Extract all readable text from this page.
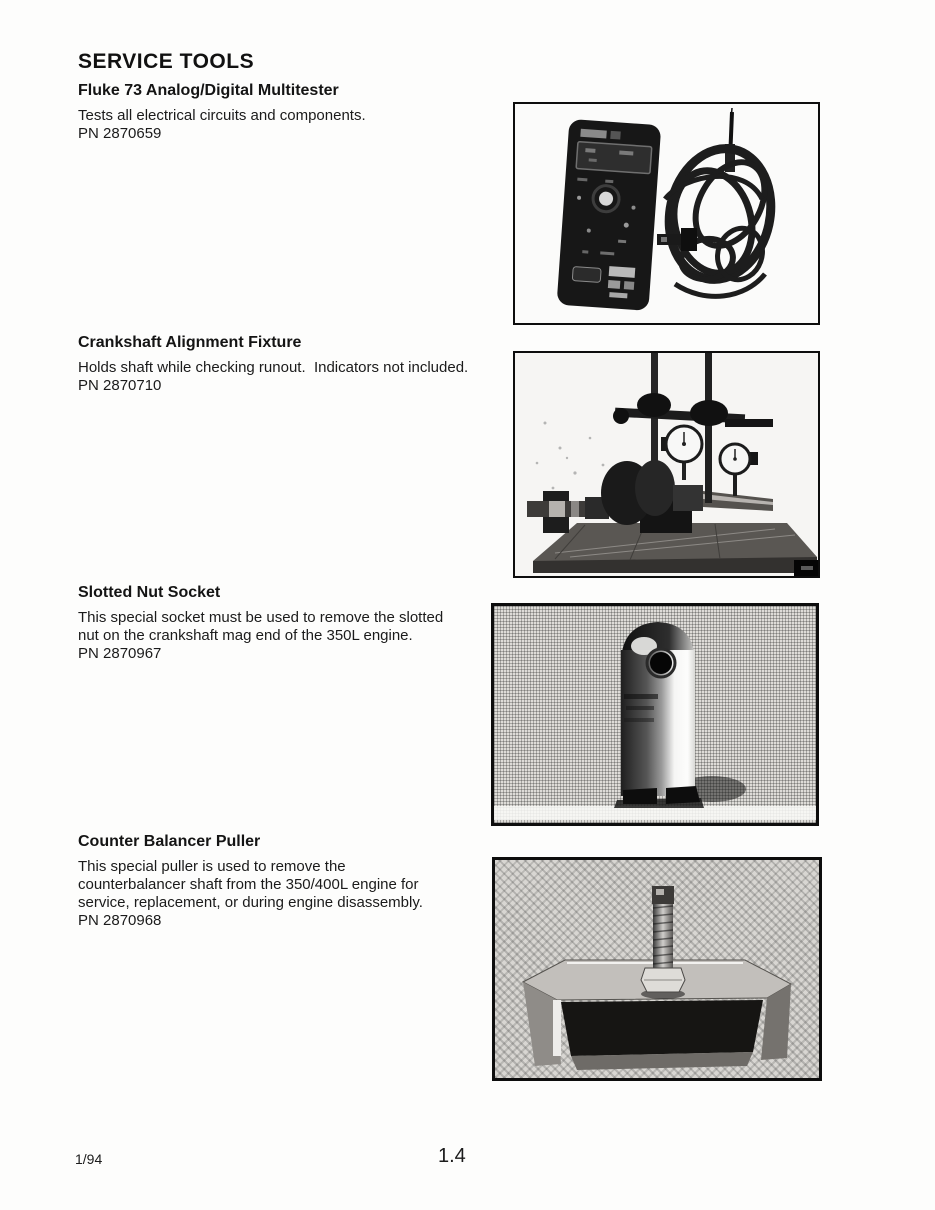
SERVICE TOOLS
Fluke 73 Analog/Digital Multitester

Tests all electrical circuits and components.

PN 2870659

Crankshaft Alignment Fixture

Holds shaft while checking runout.  Indicators not included.

PN 2870710

Slotted Nut Socket

This special socket must be used to remove the slotted

nut on the crankshaft mag end of the 350L engine.

PN 2870967

Counter Balancer Puller

This special puller is used to remove the

counterbalancer shaft from the 350/400L engine for

service, replacement, or during engine disassembly.

PN 2870968

1/94	1.4
